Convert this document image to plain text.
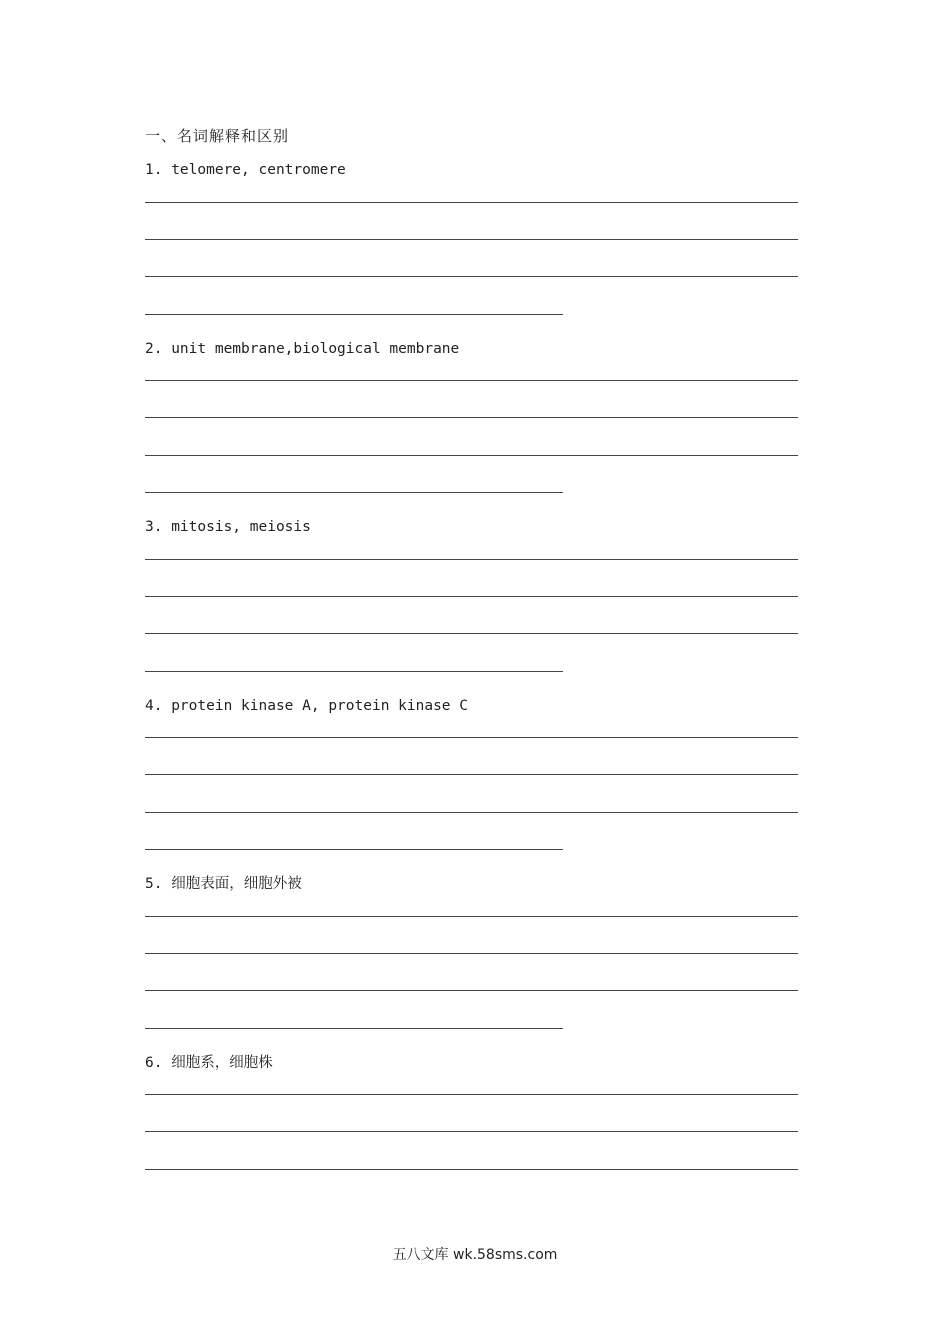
一、名词解释和区别
1. telomere, centromere
2. unit membrane,biological membrane
3. mitosis, meiosis
4. protein kinase A, protein kinase C
5. 细胞表面，细胞外被
6. 细胞系，细胞株
五八文库 wk.58sms.com
